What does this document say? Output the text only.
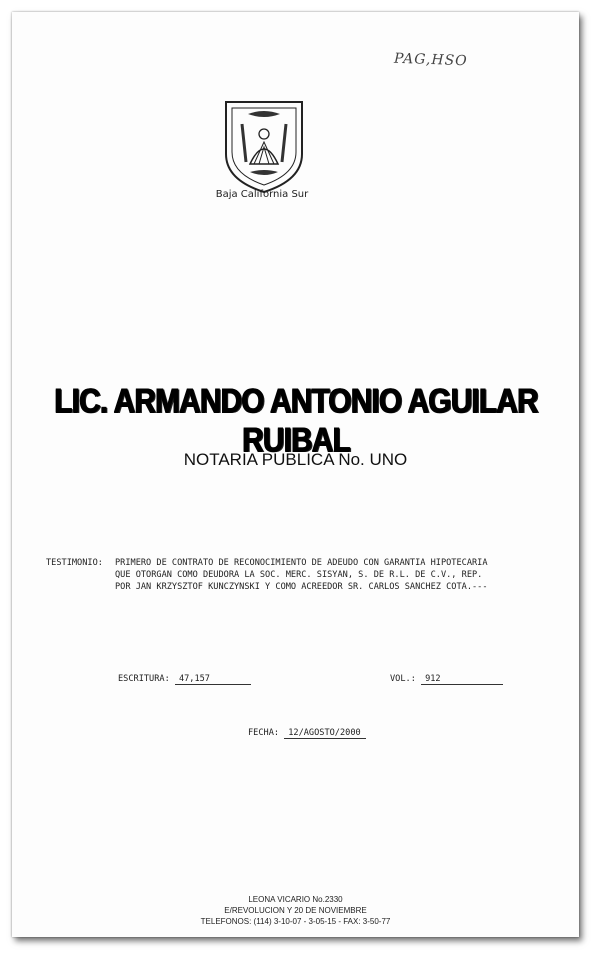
PAG,HSO
Baja California Sur
LIC. ARMANDO ANTONIO AGUILAR RUIBAL
NOTARIA PUBLICA No. UNO
TESTIMONIO: PRIMERO DE CONTRATO DE RECONOCIMIENTO DE ADEUDO CON GARANTIA HIPOTECARIA
QUE OTORGAN COMO DEUDORA LA SOC. MERC. SISYAN, S. DE R.L. DE C.V., REP.
POR JAN KRZYSZTOF KUNCZYNSKI Y COMO ACREEDOR SR. CARLOS SANCHEZ COTA.---
ESCRITURA: 47,157	VOL.: 912
FECHA: 12/AGOSTO/2000
LEONA VICARIO No.2330
E/REVOLUCION Y 20 DE NOVIEMBRE
TELEFONOS: (114) 3-10-07 - 3-05-15 - FAX: 3-50-77
